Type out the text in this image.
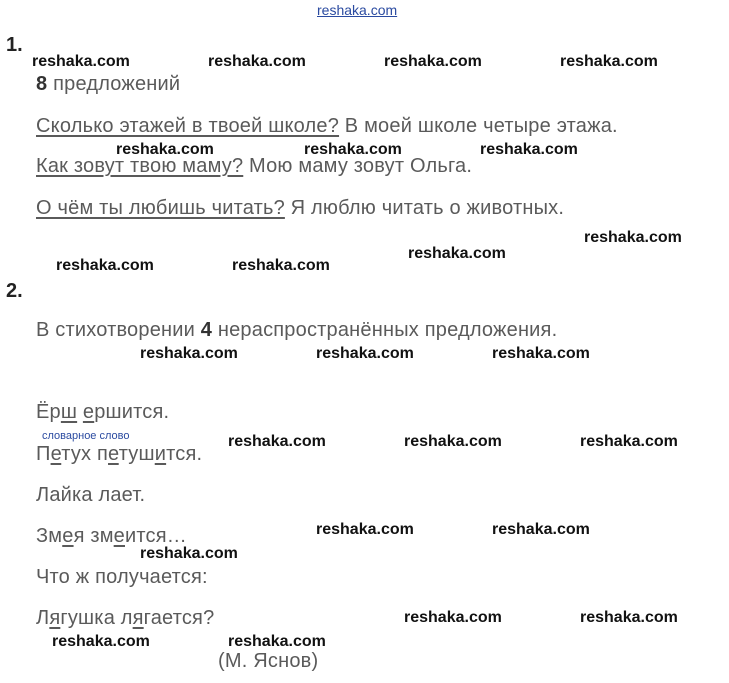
reshaka.com
1.
8 предложений
Сколько этажей в твоей школе? В моей школе четыре этажа.
Как зовут твою маму? Мою маму зовут Ольга.
О чём ты любишь читать? Я люблю читать о животных.
2.
В стихотворении 4 нераспространённых предложения.
Ёрш ершится.
словарное слово
Петух петушится.
Лайка лает.
Змея змеится…
Что ж получается:
Лягушка лягается?
(М. Яснов)
reshaka.com	reshaka.com	reshaka.com	reshaka.com
reshaka.com	reshaka.com	reshaka.com
reshaka.com
reshaka.com
reshaka.com	reshaka.com
reshaka.com	reshaka.com	reshaka.com
reshaka.com	reshaka.com	reshaka.com
reshaka.com	reshaka.com
reshaka.com
reshaka.com	reshaka.com
reshaka.com	reshaka.com
